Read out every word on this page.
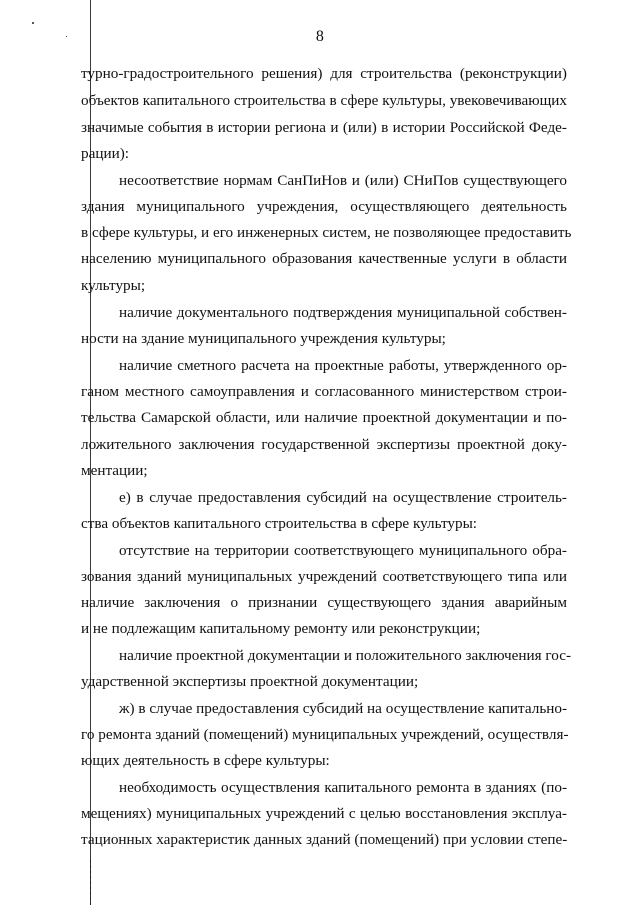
8
турно-градостроительного решения) для строительства (реконструкции)
объектов капитального строительства в сфере культуры, увековечивающих
значимые события в истории региона и (или) в истории Российской Феде-
рации):
несоответствие нормам СанПиНов и (или) СНиПов существующего
здания муниципального учреждения, осуществляющего деятельность
в сфере культуры, и его инженерных систем, не позволяющее предоставить
населению муниципального образования качественные услуги в области
культуры;
наличие документального подтверждения муниципальной собствен-
ности на здание муниципального учреждения культуры;
наличие сметного расчета на проектные работы, утвержденного ор-
ганом местного самоуправления и согласованного министерством строи-
тельства Самарской области, или наличие проектной документации и по-
ложительного заключения государственной экспертизы проектной доку-
ментации;
е) в случае предоставления субсидий на осуществление строитель-
ства объектов капитального строительства в сфере культуры:
отсутствие на территории соответствующего муниципального обра-
зования зданий муниципальных учреждений соответствующего типа или
наличие заключения о признании существующего здания аварийным
и не подлежащим капитальному ремонту или реконструкции;
наличие проектной документации и положительного заключения гос-
ударственной экспертизы проектной документации;
ж) в случае предоставления субсидий на осуществление капитально-
го ремонта зданий (помещений) муниципальных учреждений, осуществля-
ющих деятельность в сфере культуры:
необходимость осуществления капитального ремонта в зданиях (по-
мещениях) муниципальных учреждений с целью восстановления эксплуа-
тационных характеристик данных зданий (помещений) при условии степе-
